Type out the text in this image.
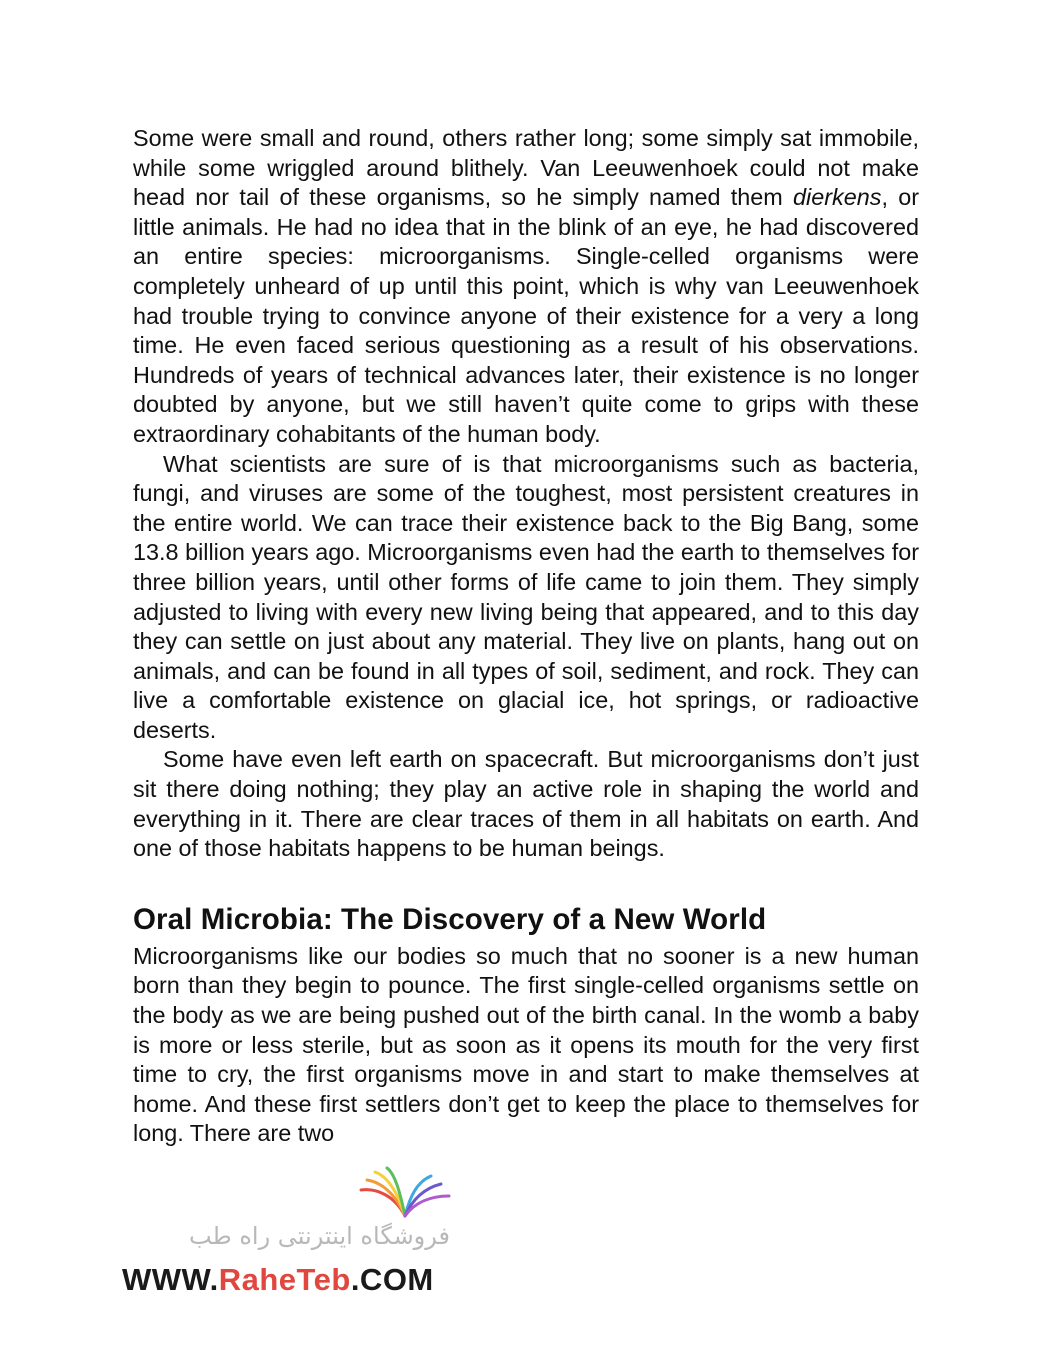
Some were small and round, others rather long; some simply sat immobile, while some wriggled around blithely. Van Leeuwenhoek could not make head nor tail of these organisms, so he simply named them dierkens, or little animals. He had no idea that in the blink of an eye, he had discovered an entire species: microorganisms. Single-celled organisms were completely unheard of up until this point, which is why van Leeuwenhoek had trouble trying to convince anyone of their existence for a very a long time. He even faced serious questioning as a result of his observations. Hundreds of years of technical advances later, their existence is no longer doubted by anyone, but we still haven’t quite come to grips with these extraordinary cohabitants of the human body.

What scientists are sure of is that microorganisms such as bacteria, fungi, and viruses are some of the toughest, most persistent creatures in the entire world. We can trace their existence back to the Big Bang, some 13.8 billion years ago. Microorganisms even had the earth to themselves for three billion years, until other forms of life came to join them. They simply adjusted to living with every new living being that appeared, and to this day they can settle on just about any material. They live on plants, hang out on animals, and can be found in all types of soil, sediment, and rock. They can live a comfortable existence on glacial ice, hot springs, or radioactive deserts.

Some have even left earth on spacecraft. But microorganisms don’t just sit there doing nothing; they play an active role in shaping the world and everything in it. There are clear traces of them in all habitats on earth. And one of those habitats happens to be human beings.

Oral Microbia: The Discovery of a New World

Microorganisms like our bodies so much that no sooner is a new human born than they begin to pounce. The first single-celled organisms settle on the body as we are being pushed out of the birth canal. In the womb a baby is more or less sterile, but as soon as it opens its mouth for the very first time to cry, the first organisms move in and start to make themselves at home. And these first settlers don’t get to keep the place to themselves for long. There are two

فروشگاه اینترنتی راه طب
WWW.RaheTeb.COM
